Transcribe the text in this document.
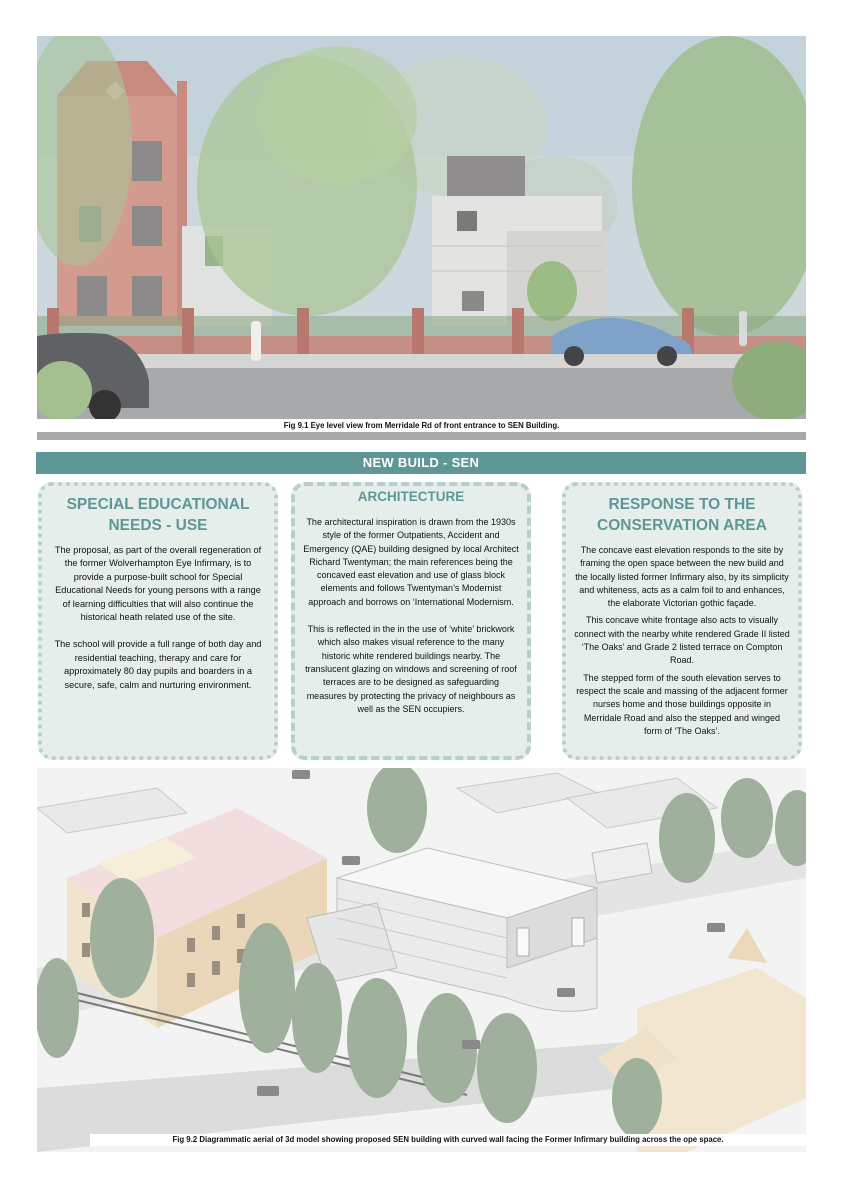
Fig 9.1 Eye level view from Merridale Rd of front entrance to SEN Building.
NEW BUILD - SEN
SPECIAL EDUCATIONAL NEEDS - USE

The proposal, as part of the overall regeneration of the former Wolverhampton Eye Infirmary, is to provide a purpose-built school for Special Educational Needs for young persons with a range of learning difficulties that will also continue the historical heath related use of the site.

The school will provide a full range of both day and residential teaching, therapy and care for approximately 80 day pupils and boarders in a secure, safe, calm and nurturing environment.

ARCHITECTURE

The architectural inspiration is drawn from the 1930s style of the former Outpatients, Accident and Emergency (QAE) building designed by local Architect Richard Twentyman; the main references being the concaved east elevation and use of glass block elements and follows Twentyman’s Modernist approach and borrows on ‘International Modernism.

This is reflected in the in the use of ‘white’ brickwork which also makes visual reference to the many historic white rendered buildings nearby. The translucent glazing on windows and screening of roof terraces are to be designed as safeguarding measures by protecting the privacy of neighbours as well as the SEN occupiers.

RESPONSE TO THE CONSERVATION AREA

The concave east elevation responds to the site by framing the open space between the new build and the locally listed former Infirmary also, by its simplicity and whiteness, acts as a calm foil to and enhances, the elaborate Victorian gothic façade.

This concave white frontage also acts to visually connect with the nearby white rendered Grade II listed ‘The Oaks’ and Grade 2 listed terrace on Compton Road.

The stepped form of the south elevation serves to respect the scale and massing of the adjacent former nurses home and those buildings opposite in Merridale Road and also the stepped and winged form of ‘The Oaks’.

Fig 9.2 Diagrammatic aerial of 3d model showing proposed SEN building with curved wall facing the Former Infirmary building across the ope space.
